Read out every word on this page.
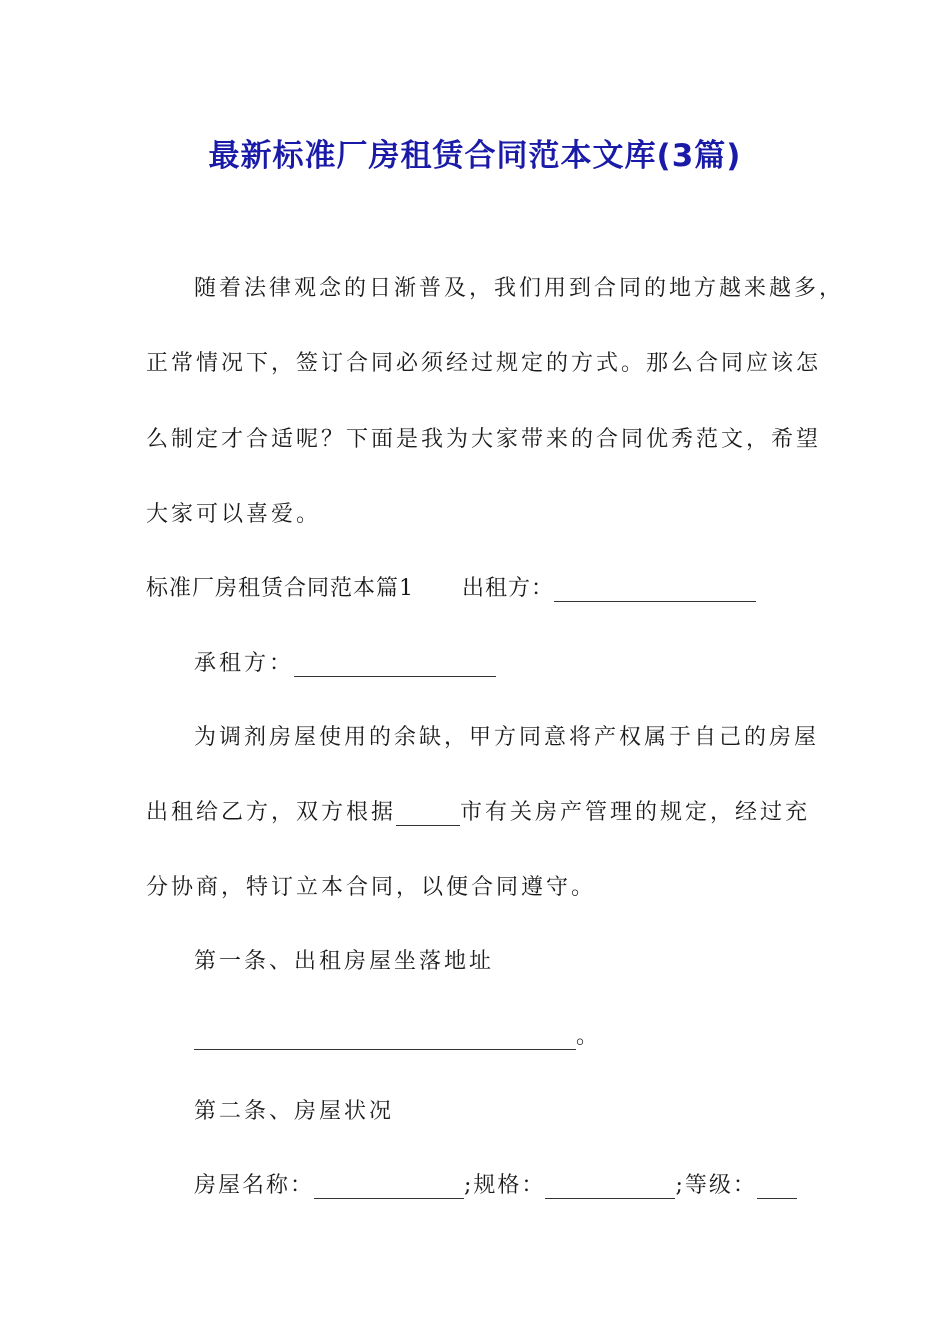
最新标准厂房租赁合同范本文库(3篇)
随着法律观念的日渐普及，我们用到合同的地方越来越多，
正常情况下，签订合同必须经过规定的方式。那么合同应该怎
么制定才合适呢？下面是我为大家带来的合同优秀范文，希望
大家可以喜爱。
标准厂房租赁合同范本篇1 出租方：
承租方：
为调剂房屋使用的余缺，甲方同意将产权属于自己的房屋
出租给乙方，双方根据	市有关房产管理的规定，经过充
分协商，特订立本合同，以便合同遵守。
第一条、出租房屋坐落地址
。
第二条、房屋状况
房屋名称：	;规格：	;等级：
